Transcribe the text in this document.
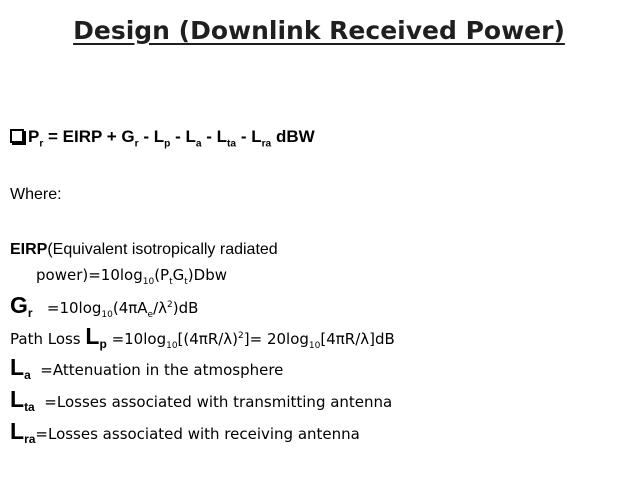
Design (Downlink Received Power)
$P_r$ = EIRP + $G_r - L_p - L_a - L_{ta} - L_{ra}$ dBW
Where:
EIRP(Equivalent isotropically radiated
$power)=10\log_{10}(P_tG_t)Dbw$
$G_r =10\log_{10}(4\pi A_e/\lambda^2)dB$
Path Loss $L_p =10\log_{10}[(4\pi R/\lambda)^2]= 20\log_{10}[4\pi R/\lambda]dB$
$L_a$  =Attenuation in the atmosphere
$L_{ta}$  =Losses associated with transmitting antenna
$L_{ra}=Losses$ associated with receiving antenna
